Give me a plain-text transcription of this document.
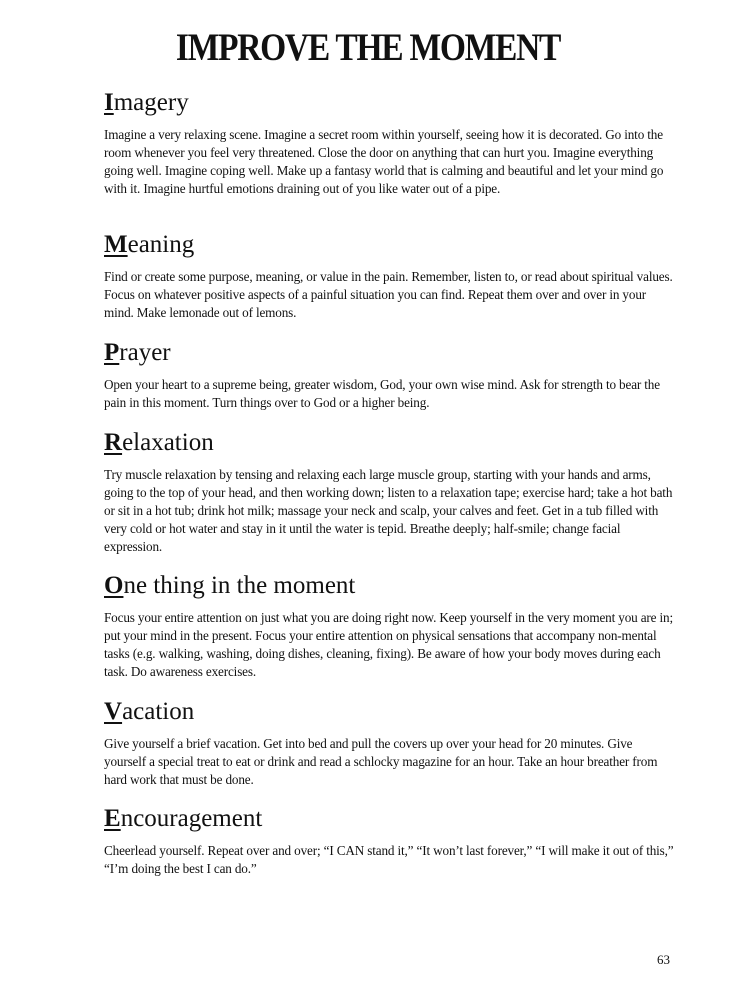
IMPROVE THE MOMENT
Imagery

Imagine a very relaxing scene. Imagine a secret room within yourself, seeing how it is decorated. Go into the room whenever you feel very threatened. Close the door on anything that can hurt you. Imagine everything going well. Imagine coping well. Make up a fantasy world that is calming and beautiful and let your mind go with it. Imagine hurtful emotions draining out of you like water out of a pipe.

Meaning

Find or create some purpose, meaning, or value in the pain. Remember, listen to, or read about spiritual values. Focus on whatever positive aspects of a painful situation you can find. Repeat them over and over in your mind. Make lemonade out of lemons.

Prayer

Open your heart to a supreme being, greater wisdom, God, your own wise mind. Ask for strength to bear the pain in this moment. Turn things over to God or a higher being.

Relaxation

Try muscle relaxation by tensing and relaxing each large muscle group, starting with your hands and arms, going to the top of your head, and then working down; listen to a relaxation tape; exercise hard; take a hot bath or sit in a hot tub; drink hot milk; massage your neck and scalp, your calves and feet. Get in a tub filled with very cold or hot water and stay in it until the water is tepid. Breathe deeply; half-smile; change facial expression.

One thing in the moment

Focus your entire attention on just what you are doing right now. Keep yourself in the very moment you are in; put your mind in the present. Focus your entire attention on physical sensations that accompany non-mental tasks (e.g. walking, washing, doing dishes, cleaning, fixing). Be aware of how your body moves during each task. Do awareness exercises.

Vacation

Give yourself a brief vacation. Get into bed and pull the covers up over your head for 20 minutes. Give yourself a special treat to eat or drink and read a schlocky magazine for an hour. Take an hour breather from hard work that must be done.

Encouragement

Cheerlead yourself. Repeat over and over; “I CAN stand it,” “It won’t last forever,” “I will make it out of this,” “I’m doing the best I can do.”

63
